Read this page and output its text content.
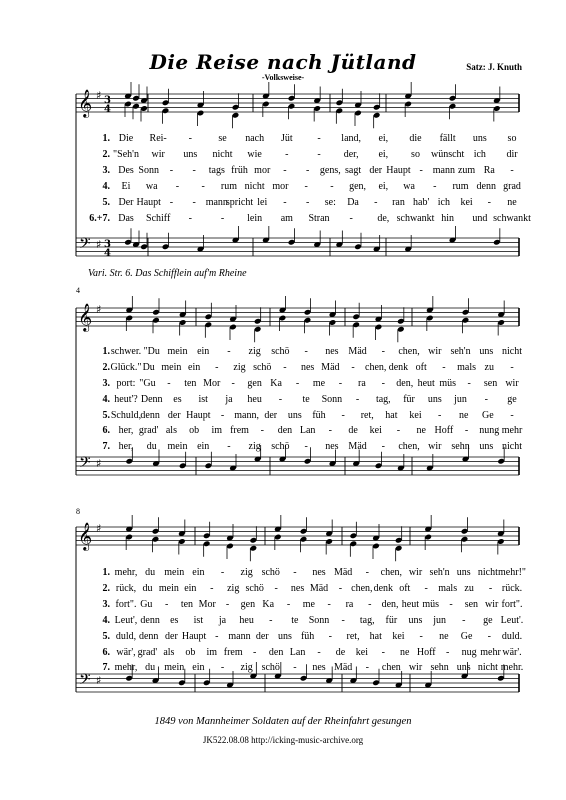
Die Reise nach Jütland
-Volksweise-
Satz: J. Knuth
𝄞
𝄢
♯
♯
3
4
3
4
𝄞
𝄢
♯
♯
𝄞
𝄢
♯
♯
1. Die Rei- -	se nach Jüt - land, ei, die fällt uns so
2. "Seh'n wir uns nicht wie -	- der, ei, so wünscht ich dir
3. Des Sonn - - tags früh mor - - gens, sagt der Haupt - mann zum Ra -
4. Ei wa - - rum nicht mor - - gen, ei, wa - rum denn grad
5. Der Haupt - - mann
spricht lei - - se: Da - ran hab' ich kei - ne
6.+7. Das Schiff -	- lein am Stran - de, schwankt hin und schwankt
1. schwer. "Du mein ein - zig schö - nes Mäd - chen, wir seh'n uns nicht
2. Glück." Du mein ein - zig schö - nes Mäd - chen, denk oft - mals zu -
3. port: "Gu - ten Mor - gen Ka - me - ra - den, heut müs - sen wir
4. heut'? Denn es ist ja heu - te Sonn - tag, für uns jun - ge
5. Schuld, denn der Haupt - mann, der uns füh - ret, hat kei - ne Ge -
6. her, grad' als ob im frem - den Lan - de kei - ne Hoff - nung mehr
7. her, du mein ein - zig schö - nes Mäd - chen, wir sehn uns nicht
1. mehr, du mein ein - zig schö - nes Mäd - chen, wir seh'n uns nicht mehr!"
2. rück, du mein ein - zig schö - nes Mäd - chen, denk oft - mals zu - rück.
3. fort". Gu - ten Mor - gen Ka - me - ra - den, heut müs - sen wir fort".
4. Leut', denn es ist ja heu - te Sonn - tag, für uns jun - ge Leut'.
5. duld, denn der Haupt - mann der uns füh - ret, hat kei - ne Ge - duld.
6. wär', grad' als ob im frem - den Lan - de kei - ne Hoff - nug mehr wär'.
7. mehr, du mein ein - zig schö - nes Mäd - chen wir sehn uns nicht mehr.
Vari. Str. 6. Das Schifflein auf'm Rheine
4
8
1849 von Mannheimer Soldaten auf der Rheinfahrt gesungen
JK522.08.08 http://icking-music-archive.org
